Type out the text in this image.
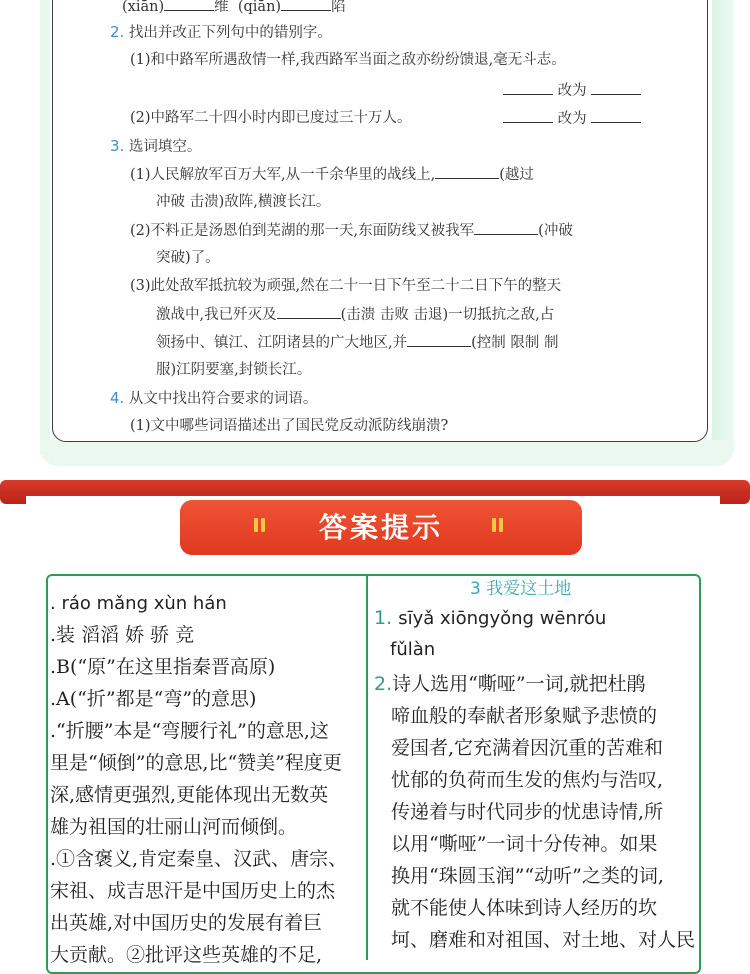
(xiān)	维 (qiān)	陷
2. 找出并改正下列句中的错别字。
(1)和中路军所遇敌情一样,我西路军当面之敌亦纷纷馈退,毫无斗志。
改为
(2)中路军二十四小时内即已度过三十万人。	改为
3. 选词填空。
(1)人民解放军百万大军,从一千余华里的战线上,	(越过
冲破 击溃)敌阵,横渡长江。
(2)不料正是汤恩伯到芜湖的那一天,东面防线又被我军	(冲破
突破)了。
(3)此处敌军抵抗较为顽强,然在二十一日下午至二十二日下午的整天
激战中,我已歼灭及	(击溃 击败 击退)一切抵抗之敌,占
领扬中、镇江、江阴诸县的广大地区,并	(控制 限制 制
服)江阴要塞,封锁长江。
4. 从文中找出符合要求的词语。
(1)文中哪些词语描述出了国民党反动派防线崩溃?
答案提示
. ráo mǎng xùn hán
.装 滔滔 娇 骄 竞
.B(“原”在这里指秦晋高原)
.A(“折”都是“弯”的意思)
.“折腰”本是“弯腰行礼”的意思,这
里是“倾倒”的意思,比“赞美”程度更
深,感情更强烈,更能体现出无数英
雄为祖国的壮丽山河而倾倒。
.①含褒义,肯定秦皇、汉武、唐宗、
宋祖、成吉思汗是中国历史上的杰
出英雄,对中国历史的发展有着巨
大贡献。②批评这些英雄的不足,
3 我爱这土地
1. sīyǎ xiōngyǒng wēnróu
fǔlàn
2.诗人选用“嘶哑”一词,就把杜鹃
啼血般的奉献者形象赋予悲愤的
爱国者,它充满着因沉重的苦难和
忧郁的负荷而生发的焦灼与浩叹,
传递着与时代同步的忧患诗情,所
以用“嘶哑”一词十分传神。如果
换用“珠圆玉润”“动听”之类的词,
就不能使人体味到诗人经历的坎
坷、磨难和对祖国、对土地、对人民
